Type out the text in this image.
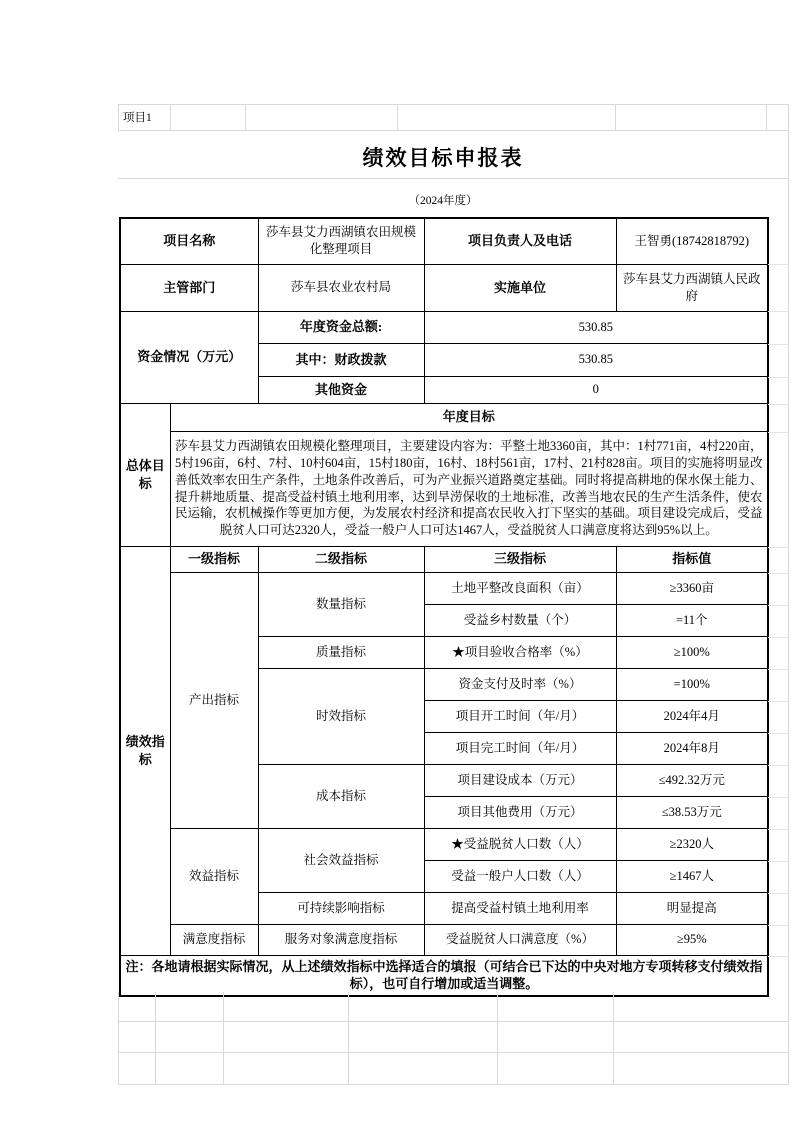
项目1
绩效目标申报表
（2024年度）
项目名称		莎车县艾力西湖镇农田规模化整理项目	项目负责人及电话	王智勇(18742818792)
主管部门		莎车县农业农村局	实施单位	莎车县艾力西湖镇人民政府
资金情况（万元）		年度资金总额:	530.85	
		其中：财政拨款	530.85	
		其他资金	0	
总体目标	年度目标			
	莎车县艾力西湖镇农田规模化整理项目，主要建设内容为：平整土地3360亩，其中：1村771亩，4村220亩，5村196亩，6村、7村、10村604亩，15村180亩，16村、18村561亩，17村、21村828亩。项目的实施将明显改善低效率农田生产条件，土地条件改善后，可为产业振兴道路奠定基础。同时将提高耕地的保水保土能力、提升耕地质量、提高受益村镇土地利用率，达到旱涝保收的土地标准，改善当地农民的生产生活条件，使农民运输，农机械操作等更加方便，为发展农村经济和提高农民收入打下坚实的基础。项目建设完成后，受益脱贫人口可达2320人，受益一般户人口可达1467人，受益脱贫人口满意度将达到95%以上。			
绩效指标	一级指标	二级指标	三级指标	指标值
	产出指标	数量指标	土地平整改良面积（亩）	≥3360亩
			受益乡村数量（个）	=11个
		质量指标	★项目验收合格率（%）	≥100%
		时效指标	资金支付及时率（%）	=100%
			项目开工时间（年/月）	2024年4月
			项目完工时间（年/月）	2024年8月
		成本指标	项目建设成本（万元）	≤492.32万元
			项目其他费用（万元）	≤38.53万元
	效益指标	社会效益指标	★受益脱贫人口数（人）	≥2320人
			受益一般户人口数（人）	≥1467人
		可持续影响指标	提高受益村镇土地利用率	明显提高
	满意度指标	服务对象满意度指标	受益脱贫人口满意度（%）	≥95%
注：各地请根据实际情况，从上述绩效指标中选择适合的填报（可结合已下达的中央对地方专项转移支付绩效指标），也可自行增加或适当调整。				
